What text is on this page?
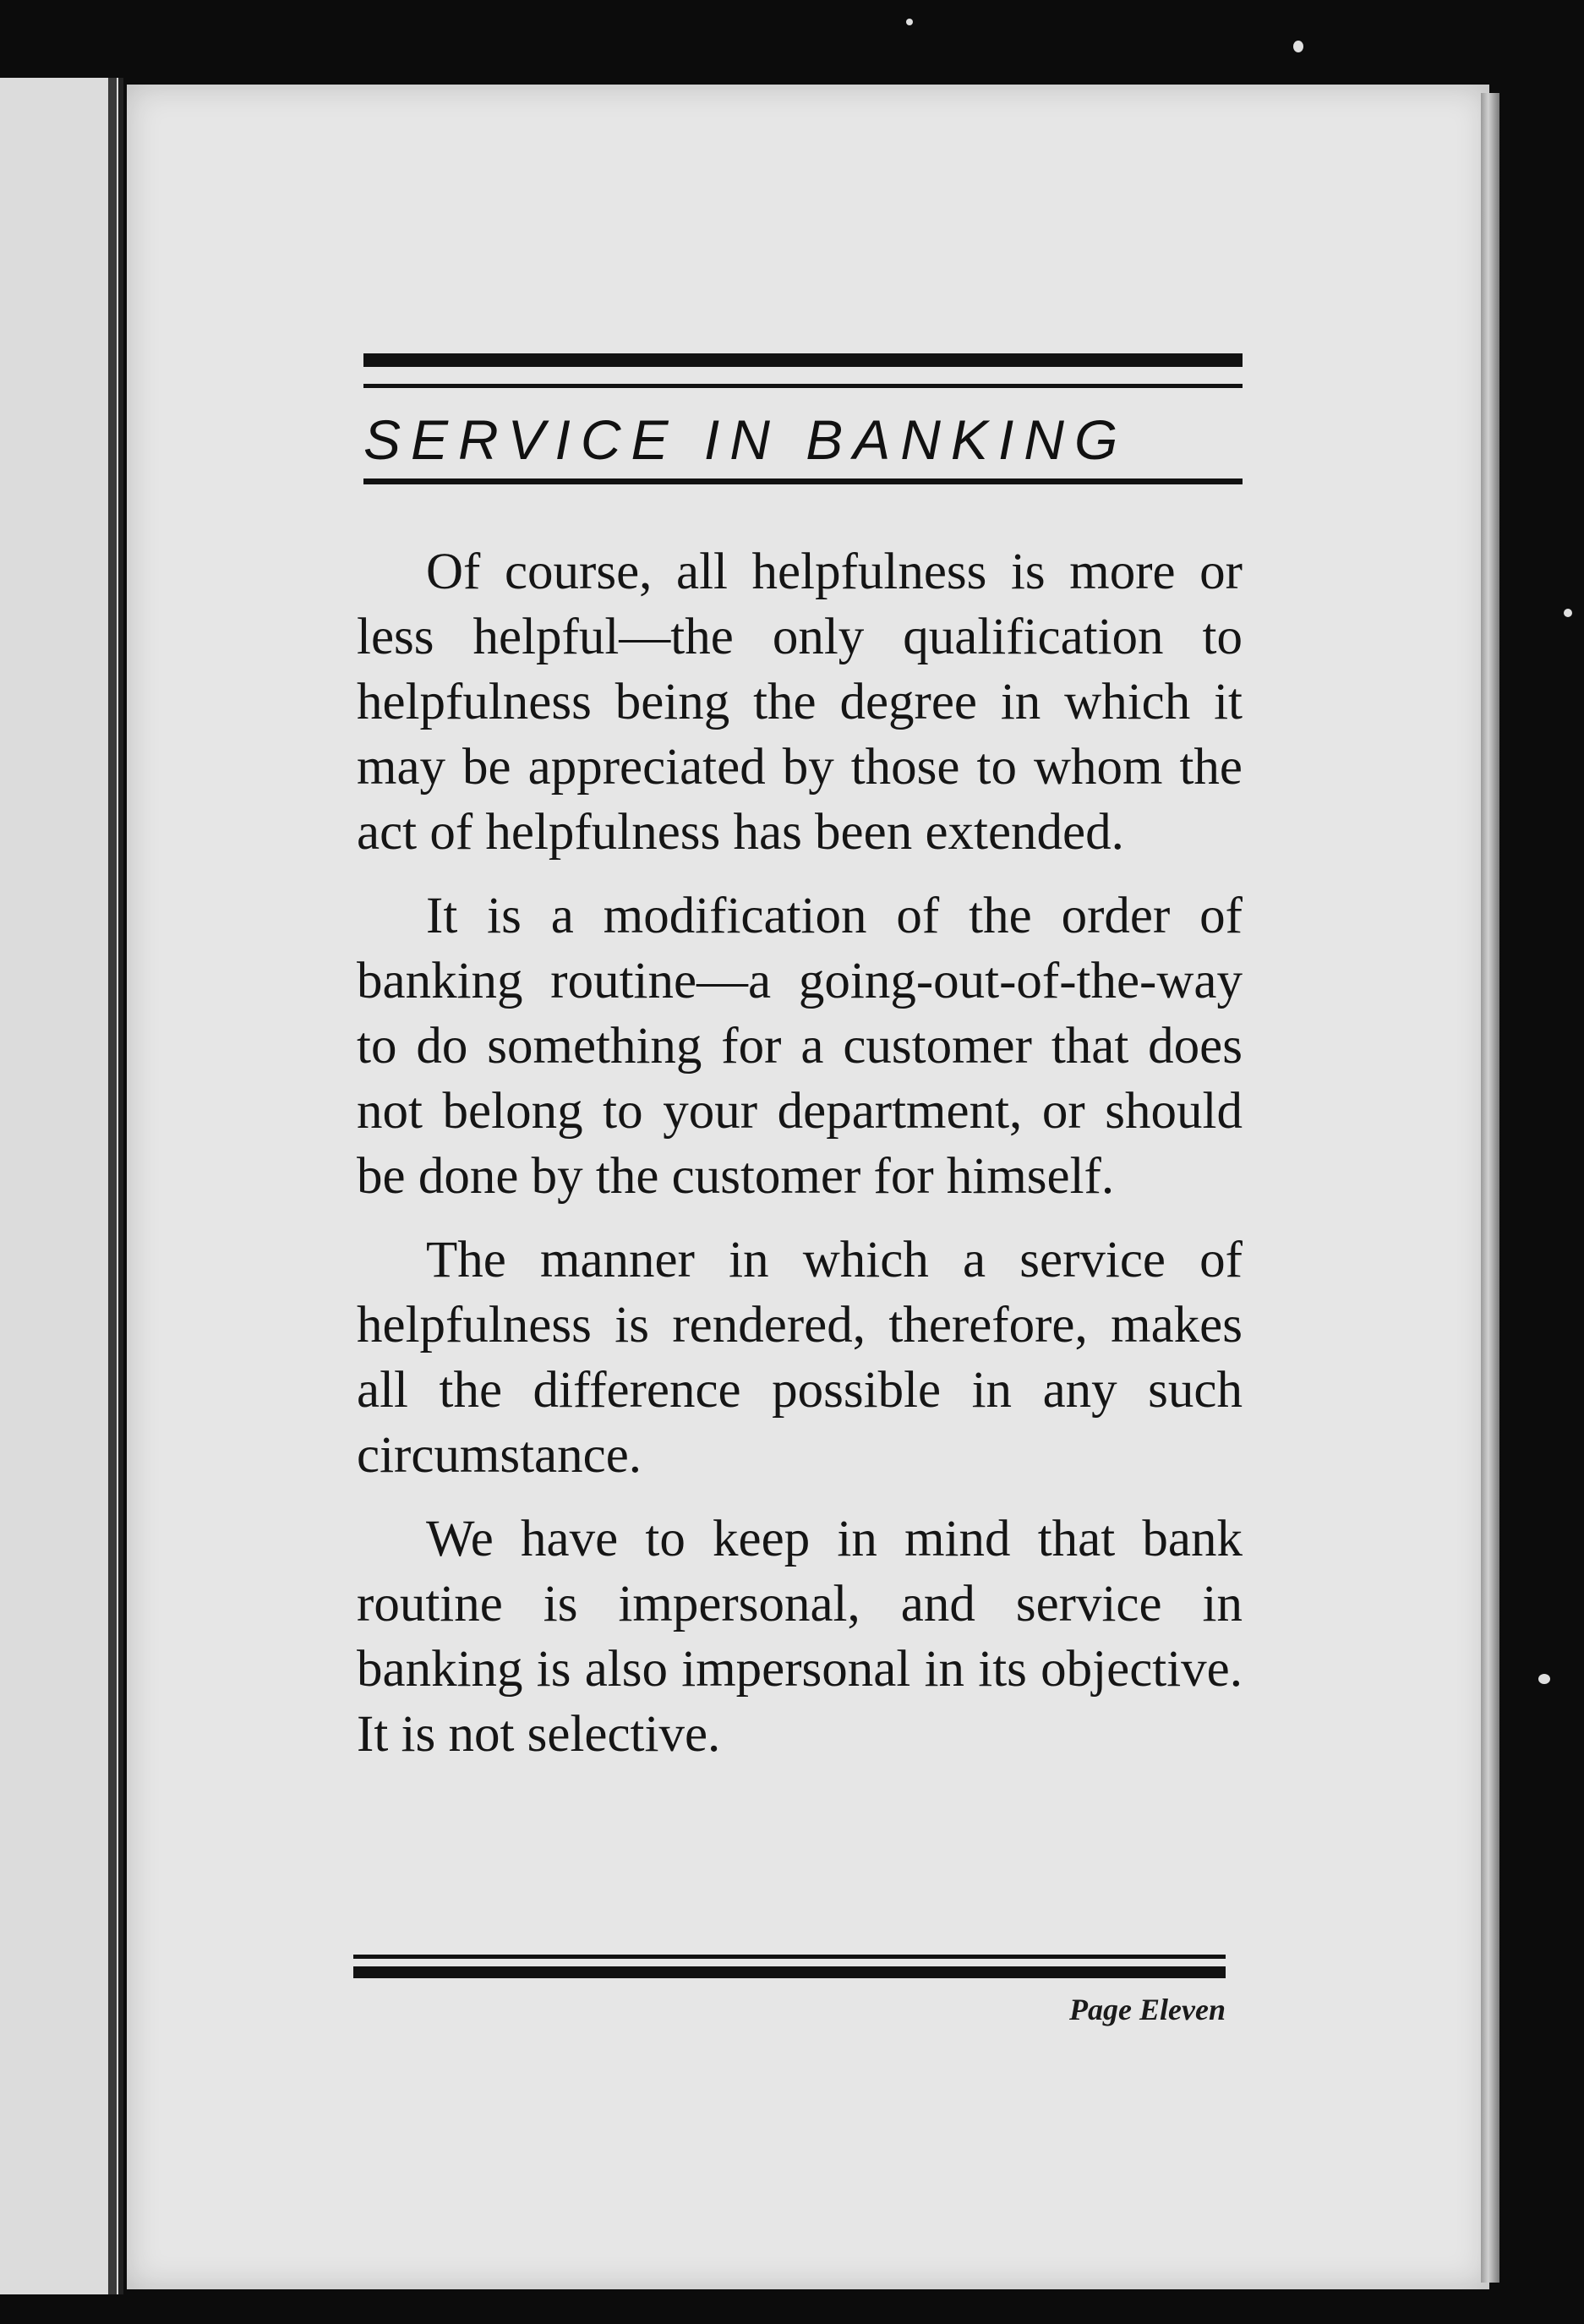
SERVICE IN BANKING

Of course, all helpfulness is more or less helpful—the only qualification to helpfulness being the degree in which it may be appreciated by those to whom the act of helpfulness has been extended.

It is a modification of the order of banking routine—a going-out-of-the-way to do something for a customer that does not belong to your department, or should be done by the customer for himself.

The manner in which a service of helpfulness is rendered, therefore, makes all the difference possible in any such circumstance.

We have to keep in mind that bank routine is impersonal, and service in banking is also impersonal in its objective. It is not selective.

Page Eleven
